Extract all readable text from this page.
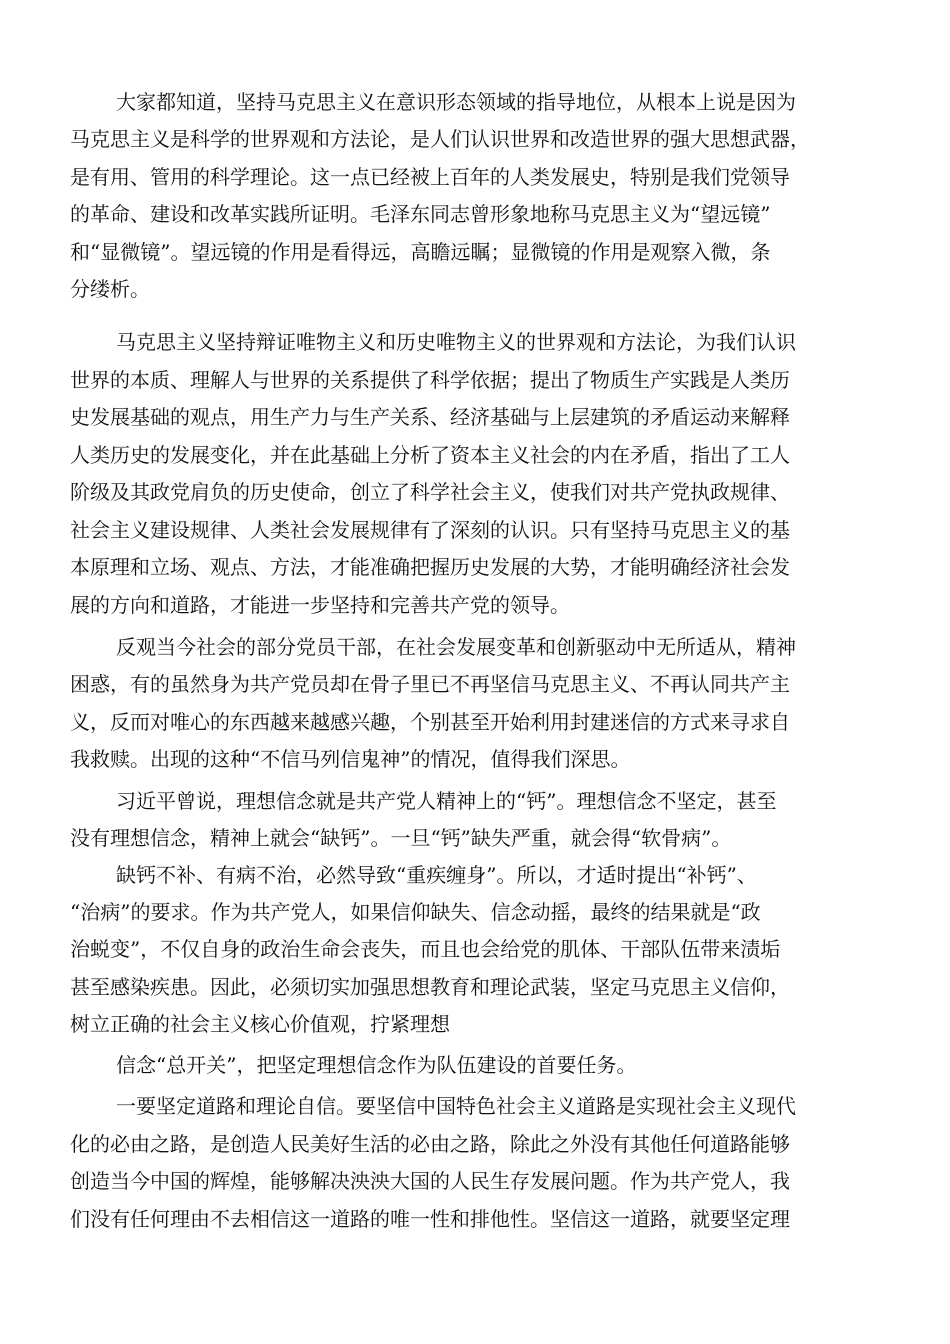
大家都知道，坚持马克思主义在意识形态领域的指导地位，从根本上说是因为
马克思主义是科学的世界观和方法论，是人们认识世界和改造世界的强大思想武器，
是有用、管用的科学理论。这一点已经被上百年的人类发展史，特别是我们党领导
的革命、建设和改革实践所证明。毛泽东同志曾形象地称马克思主义为“望远镜”
和“显微镜”。望远镜的作用是看得远，高瞻远瞩；显微镜的作用是观察入微，条
分缕析。
马克思主义坚持辩证唯物主义和历史唯物主义的世界观和方法论，为我们认识
世界的本质、理解人与世界的关系提供了科学依据；提出了物质生产实践是人类历
史发展基础的观点，用生产力与生产关系、经济基础与上层建筑的矛盾运动来解释
人类历史的发展变化，并在此基础上分析了资本主义社会的内在矛盾，指出了工人
阶级及其政党肩负的历史使命，创立了科学社会主义，使我们对共产党执政规律、
社会主义建设规律、人类社会发展规律有了深刻的认识。只有坚持马克思主义的基
本原理和立场、观点、方法，才能准确把握历史发展的大势，才能明确经济社会发
展的方向和道路，才能进一步坚持和完善共产党的领导。
反观当今社会的部分党员干部，在社会发展变革和创新驱动中无所适从，精神
困惑，有的虽然身为共产党员却在骨子里已不再坚信马克思主义、不再认同共产主
义，反而对唯心的东西越来越感兴趣，个别甚至开始利用封建迷信的方式来寻求自
我救赎。出现的这种“不信马列信鬼神”的情况，值得我们深思。
习近平曾说，理想信念就是共产党人精神上的“钙”。理想信念不坚定，甚至
没有理想信念，精神上就会“缺钙”。一旦“钙”缺失严重，就会得“软骨病”。
缺钙不补、有病不治，必然导致“重疾缠身”。所以，才适时提出“补钙”、
“治病”的要求。作为共产党人，如果信仰缺失、信念动摇，最终的结果就是“政
治蜕变”，不仅自身的政治生命会丧失，而且也会给党的肌体、干部队伍带来渍垢
甚至感染疾患。因此，必须切实加强思想教育和理论武装，坚定马克思主义信仰，
树立正确的社会主义核心价值观，拧紧理想
信念“总开关”，把坚定理想信念作为队伍建设的首要任务。
一要坚定道路和理论自信。要坚信中国特色社会主义道路是实现社会主义现代
化的必由之路，是创造人民美好生活的必由之路，除此之外没有其他任何道路能够
创造当今中国的辉煌，能够解决泱泱大国的人民生存发展问题。作为共产党人，我
们没有任何理由不去相信这一道路的唯一性和排他性。坚信这一道路，就要坚定理
